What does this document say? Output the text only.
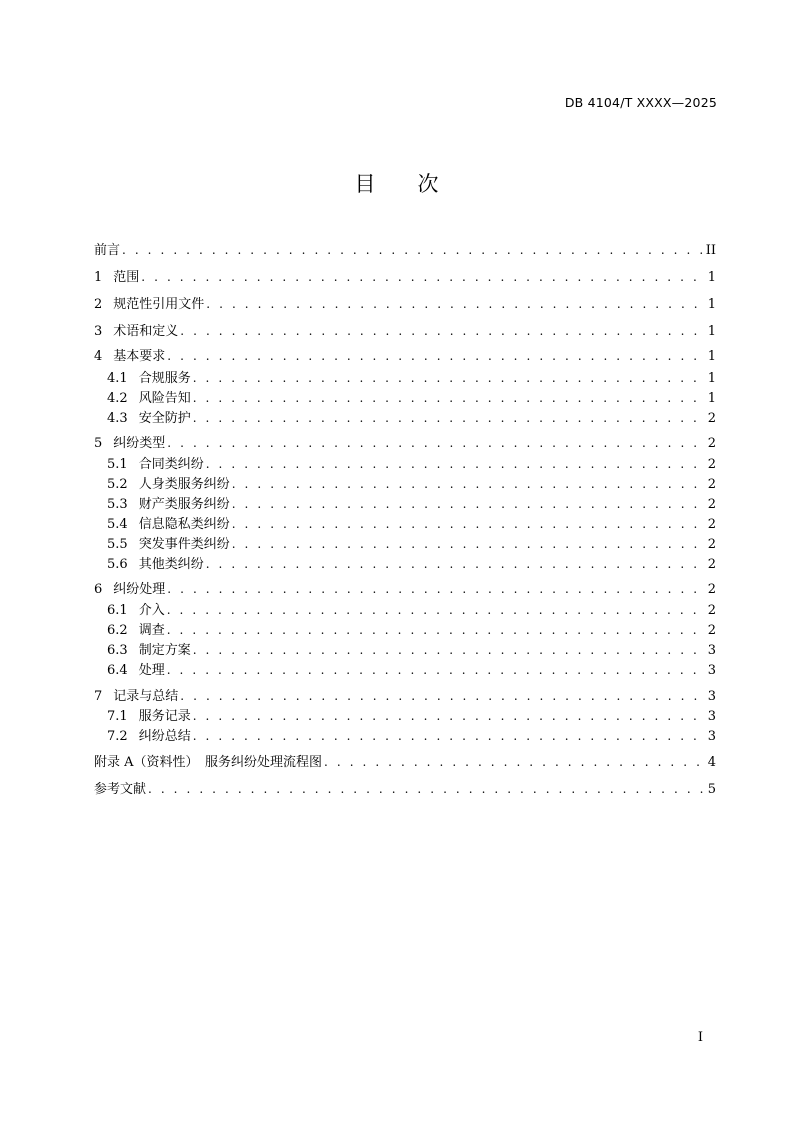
DB 4104/T XXXX—2025
目 次
前言 . . .	II
1 范围 . . .	1
2 规范性引用文件 . . .	1
3 术语和定义 . . .	1
4 基本要求 . . .	1
4.1 合规服务 . . .	1
4.2 风险告知 . . .	1
4.3 安全防护 . . .	2
5 纠纷类型 . . .	2
5.1 合同类纠纷 . . .	2
5.2 人身类服务纠纷 . . .	2
5.3 财产类服务纠纷 . . .	2
5.4 信息隐私类纠纷 . . .	2
5.5 突发事件类纠纷 . . .	2
5.6 其他类纠纷 . . .	2
6 纠纷处理 . . .	2
6.1 介入 . . .	2
6.2 调查 . . .	2
6.3 制定方案 . . .	3
6.4 处理 . . .	3
7 记录与总结 . . .	3
7.1 服务记录 . . .	3
7.2 纠纷总结 . . .	3
附录 A（资料性）　服务纠纷处理流程图 . . .	4
参考文献 . . .	5
I
